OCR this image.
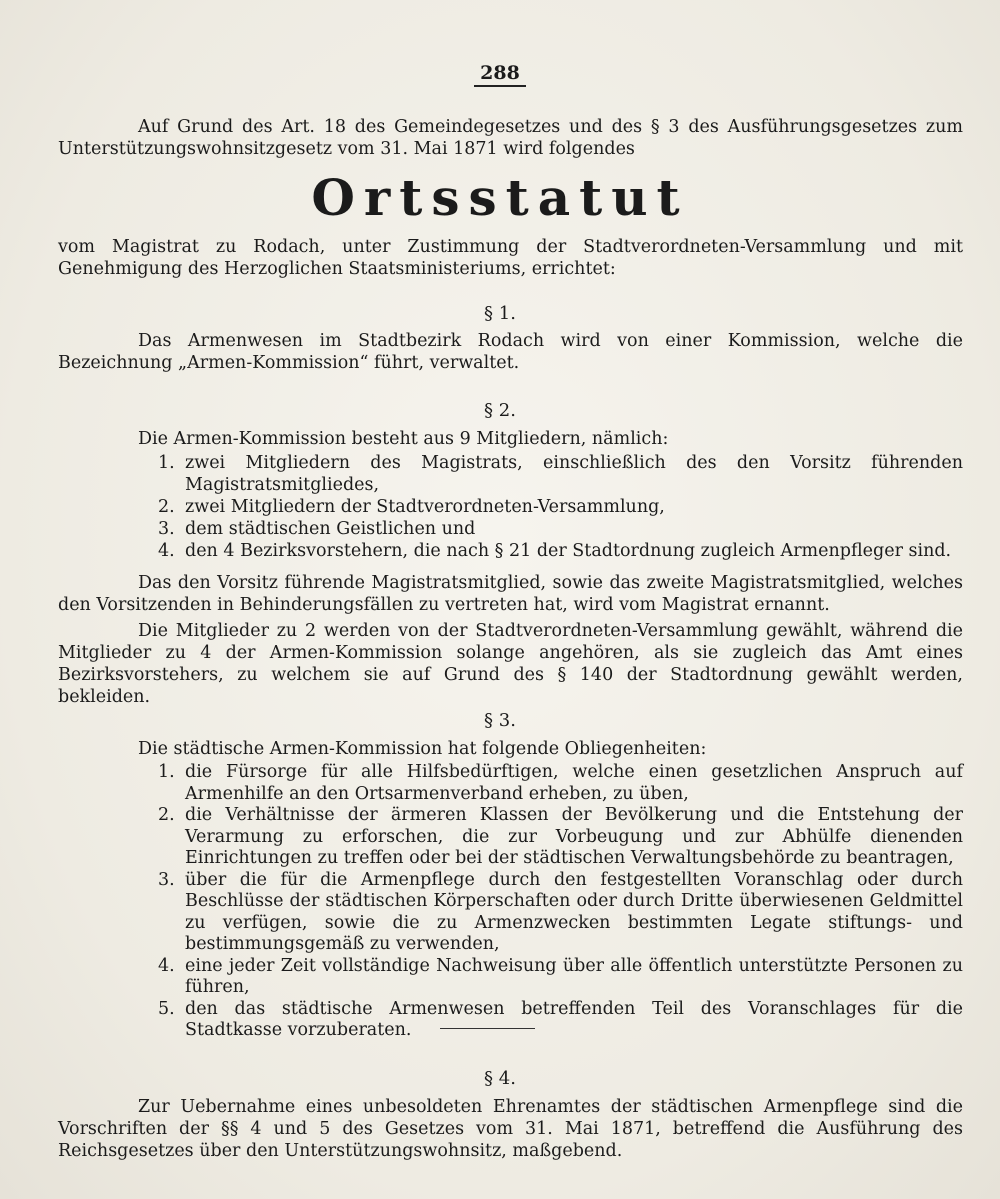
288

Auf Grund des Art. 18 des Gemeindegesetzes und des § 3 des Ausführungsgesetzes zum Unterstützungswohnsitzgesetz vom 31. Mai 1871 wird folgendes

Ortsstatut

vom Magistrat zu Rodach, unter Zustimmung der Stadtverordneten-Versammlung und mit Genehmigung des Herzoglichen Staatsministeriums, errichtet:

§ 1.

Das Armenwesen im Stadtbezirk Rodach wird von einer Kommission, welche die Bezeichnung „Armen-Kommission“ führt, verwaltet.

§ 2.

Die Armen-Kommission besteht aus 9 Mitgliedern, nämlich:

1. zwei Mitgliedern des Magistrats, einschließlich des den Vorsitz führenden Magistratsmitgliedes,
2. zwei Mitgliedern der Stadtverordneten-Versammlung,
3. dem städtischen Geistlichen und
4. den 4 Bezirksvorstehern, die nach § 21 der Stadtordnung zugleich Armenpfleger sind.

Das den Vorsitz führende Magistratsmitglied, sowie das zweite Magistratsmitglied, welches den Vorsitzenden in Behinderungsfällen zu vertreten hat, wird vom Magistrat ernannt.

Die Mitglieder zu 2 werden von der Stadtverordneten-Versammlung gewählt, während die Mitglieder zu 4 der Armen-Kommission solange angehören, als sie zugleich das Amt eines Bezirksvorstehers, zu welchem sie auf Grund des § 140 der Stadtordnung gewählt werden, bekleiden.

§ 3.

Die städtische Armen-Kommission hat folgende Obliegenheiten:

1. die Fürsorge für alle Hilfsbedürftigen, welche einen gesetzlichen Anspruch auf Armenhilfe an den Ortsarmenverband erheben, zu üben,
2. die Verhältnisse der ärmeren Klassen der Bevölkerung und die Entstehung der Verarmung zu erforschen, die zur Vorbeugung und zur Abhülfe dienenden Einrichtungen zu treffen oder bei der städtischen Verwaltungsbehörde zu beantragen,
3. über die für die Armenpflege durch den festgestellten Voranschlag oder durch Beschlüsse der städtischen Körperschaften oder durch Dritte überwiesenen Geldmittel zu verfügen, sowie die zu Armenzwecken bestimmten Legate stiftungs- und bestimmungsgemäß zu verwenden,
4. eine jeder Zeit vollständige Nachweisung über alle öffentlich unterstützte Personen zu führen,
5. den das städtische Armenwesen betreffenden Teil des Voranschlages für die Stadtkasse vorzuberaten.
§ 4.

Zur Uebernahme eines unbesoldeten Ehrenamtes der städtischen Armenpflege sind die Vorschriften der §§ 4 und 5 des Gesetzes vom 31. Mai 1871, betreffend die Ausführung des Reichsgesetzes über den Unterstützungswohnsitz, maßgebend.
